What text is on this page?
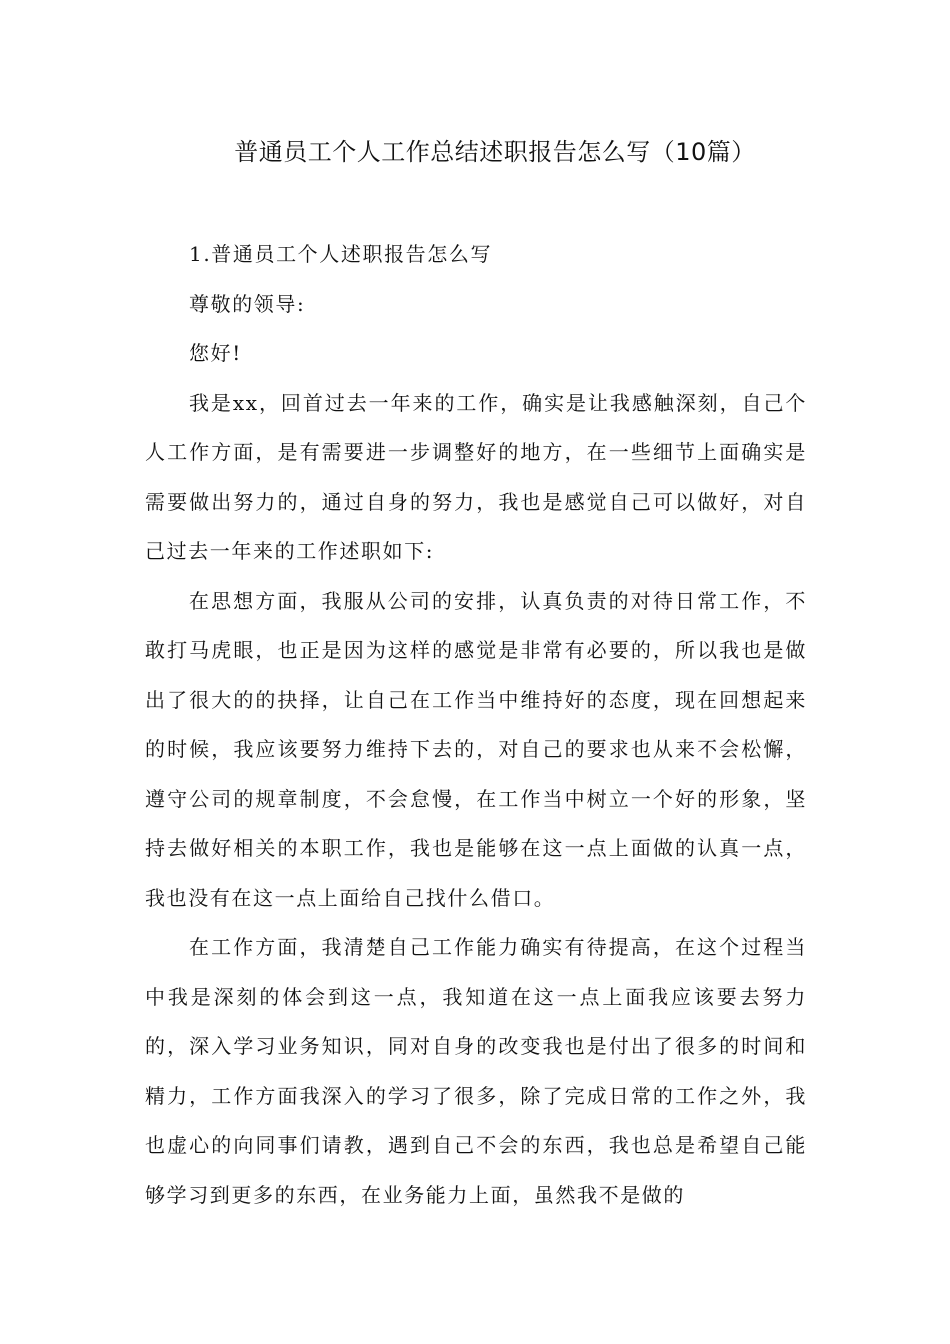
普通员工个人工作总结述职报告怎么写（10篇）

1.普通员工个人述职报告怎么写

尊敬的领导:

您好!

我是xx，回首过去一年来的工作，确实是让我感触深刻，自己个人工作方面，是有需要进一步调整好的地方，在一些细节上面确实是需要做出努力的，通过自身的努力，我也是感觉自己可以做好，对自己过去一年来的工作述职如下:

在思想方面，我服从公司的安排，认真负责的对待日常工作，不敢打马虎眼，也正是因为这样的感觉是非常有必要的，所以我也是做出了很大的的抉择，让自己在工作当中维持好的态度，现在回想起来的时候，我应该要努力维持下去的，对自己的要求也从来不会松懈，遵守公司的规章制度，不会怠慢，在工作当中树立一个好的形象，坚持去做好相关的本职工作，我也是能够在这一点上面做的认真一点，我也没有在这一点上面给自己找什么借口。

在工作方面，我清楚自己工作能力确实有待提高，在这个过程当中我是深刻的体会到这一点，我知道在这一点上面我应该要去努力的，深入学习业务知识，同对自身的改变我也是付出了很多的时间和精力，工作方面我深入的学习了很多，除了完成日常的工作之外，我也虚心的向同事们请教，遇到自己不会的东西，我也总是希望自己能够学习到更多的东西，在业务能力上面，虽然我不是做的
